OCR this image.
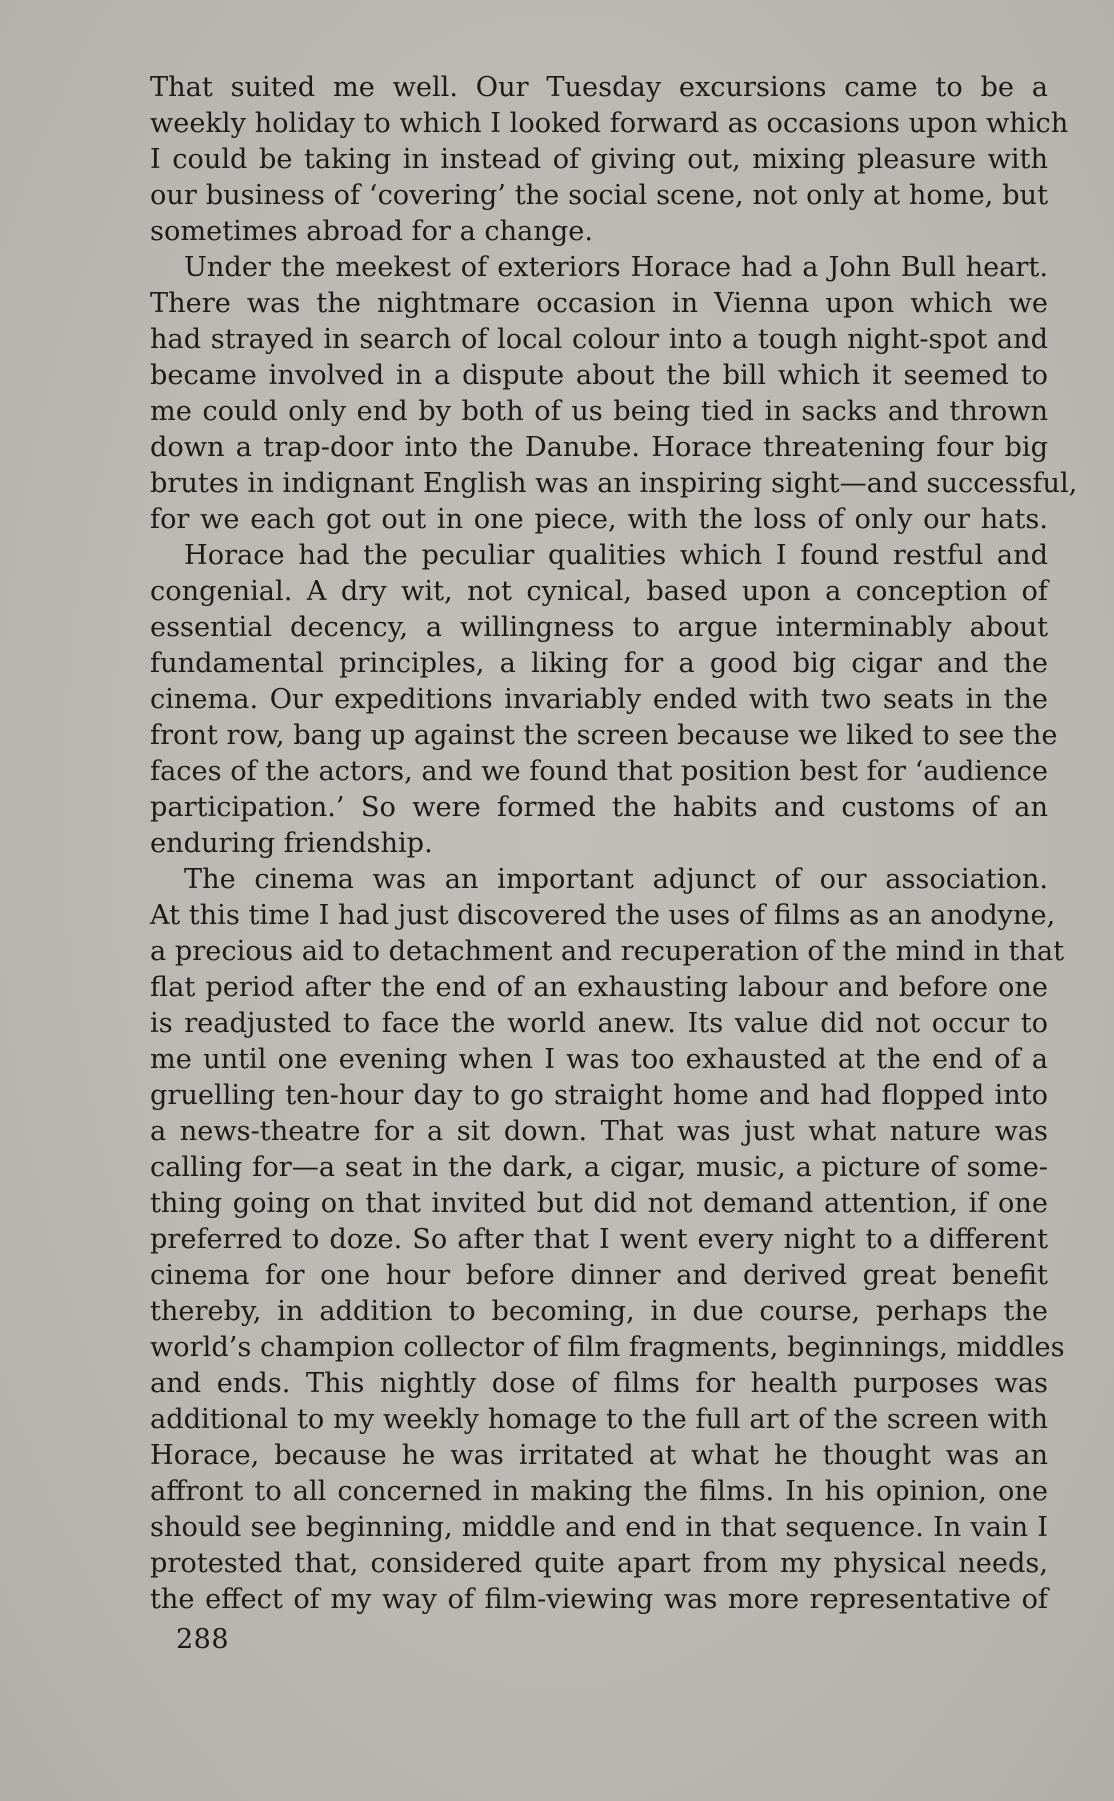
That suited me well. Our Tuesday excursions came to be a
weekly holiday to which I looked forward as occasions upon which
I could be taking in instead of giving out, mixing pleasure with
our business of ‘covering’ the social scene, not only at home, but
sometimes abroad for a change.
Under the meekest of exteriors Horace had a John Bull heart.
There was the nightmare occasion in Vienna upon which we
had strayed in search of local colour into a tough night-spot and
became involved in a dispute about the bill which it seemed to
me could only end by both of us being tied in sacks and thrown
down a trap-door into the Danube. Horace threatening four big
brutes in indignant English was an inspiring sight—and successful,
for we each got out in one piece, with the loss of only our hats.
Horace had the peculiar qualities which I found restful and
congenial. A dry wit, not cynical, based upon a conception of
essential decency, a willingness to argue interminably about
fundamental principles, a liking for a good big cigar and the
cinema. Our expeditions invariably ended with two seats in the
front row, bang up against the screen because we liked to see the
faces of the actors, and we found that position best for ‘audience
participation.’ So were formed the habits and customs of an
enduring friendship.
The cinema was an important adjunct of our association.
At this time I had just discovered the uses of films as an anodyne,
a precious aid to detachment and recuperation of the mind in that
flat period after the end of an exhausting labour and before one
is readjusted to face the world anew. Its value did not occur to
me until one evening when I was too exhausted at the end of a
gruelling ten-hour day to go straight home and had flopped into
a news-theatre for a sit down. That was just what nature was
calling for—a seat in the dark, a cigar, music, a picture of some-
thing going on that invited but did not demand attention, if one
preferred to doze. So after that I went every night to a different
cinema for one hour before dinner and derived great benefit
thereby, in addition to becoming, in due course, perhaps the
world’s champion collector of film fragments, beginnings, middles
and ends. This nightly dose of films for health purposes was
additional to my weekly homage to the full art of the screen with
Horace, because he was irritated at what he thought was an
affront to all concerned in making the films. In his opinion, one
should see beginning, middle and end in that sequence. In vain I
protested that, considered quite apart from my physical needs,
the effect of my way of film-viewing was more representative of
288
